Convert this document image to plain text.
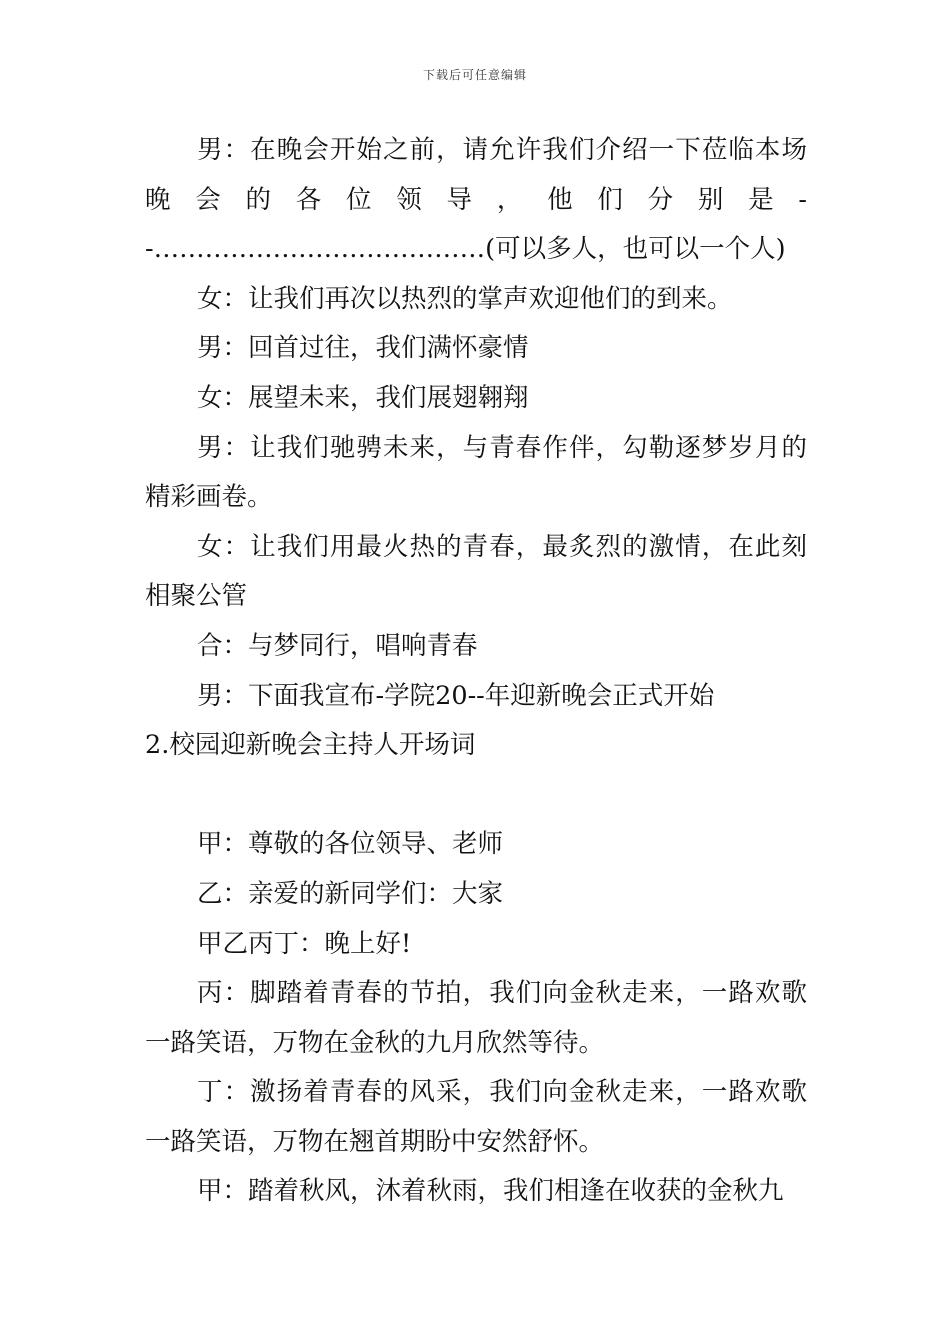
下载后可任意编辑

男：在晚会开始之前，请允许我们介绍一下莅临本场晚会的各位领导，他们分别是--…………………………………(可以多人，也可以一个人)

女：让我们再次以热烈的掌声欢迎他们的到来。

男：回首过往，我们满怀豪情

女：展望未来，我们展翅翱翔

男：让我们驰骋未来，与青春作伴，勾勒逐梦岁月的精彩画卷。

女：让我们用最火热的青春，最炙烈的激情，在此刻相聚公管

合：与梦同行，唱响青春

男：下面我宣布-学院20--年迎新晚会正式开始

2.校园迎新晚会主持人开场词

甲：尊敬的各位领导、老师

乙：亲爱的新同学们：大家

甲乙丙丁：晚上好!

丙：脚踏着青春的节拍，我们向金秋走来，一路欢歌一路笑语，万物在金秋的九月欣然等待。

丁：激扬着青春的风采，我们向金秋走来，一路欢歌一路笑语，万物在翘首期盼中安然舒怀。

甲：踏着秋风，沐着秋雨，我们相逢在收获的金秋九
